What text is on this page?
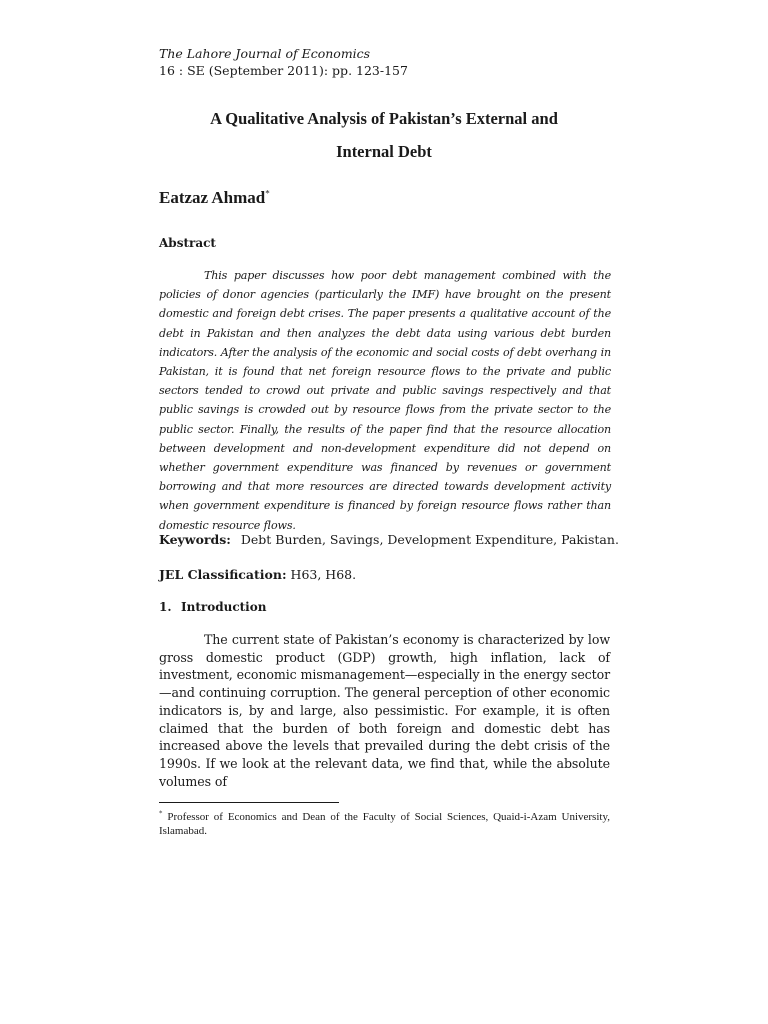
The Lahore Journal of Economics
16 : SE (September 2011): pp. 123-157
A Qualitative Analysis of Pakistan’s External and
Internal Debt
Eatzaz Ahmad*
Abstract
This paper discusses how poor debt management combined with the policies of donor agencies (particularly the IMF) have brought on the present domestic and foreign debt crises. The paper presents a qualitative account of the debt in Pakistan and then analyzes the debt data using various debt burden indicators. After the analysis of the economic and social costs of debt overhang in Pakistan, it is found that net foreign resource flows to the private and public sectors tended to crowd out private and public savings respectively and that public savings is crowded out by resource flows from the private sector to the public sector. Finally, the results of the paper find that the resource allocation between development and non-development expenditure did not depend on whether government expenditure was financed by revenues or government borrowing and that more resources are directed towards development activity when government expenditure is financed by foreign resource flows rather than domestic resource flows.
Keywords: Debt Burden, Savings, Development Expenditure, Pakistan.
JEL Classification: H63, H68.
1. Introduction
The current state of Pakistan’s economy is characterized by low gross domestic product (GDP) growth, high inflation, lack of investment, economic mismanagement—especially in the energy sector—and continuing corruption. The general perception of other economic indicators is, by and large, also pessimistic. For example, it is often claimed that the burden of both foreign and domestic debt has increased above the levels that prevailed during the debt crisis of the 1990s. If we look at the relevant data, we find that, while the absolute volumes of
* Professor of Economics and Dean of the Faculty of Social Sciences, Quaid-i-Azam University, Islamabad.
